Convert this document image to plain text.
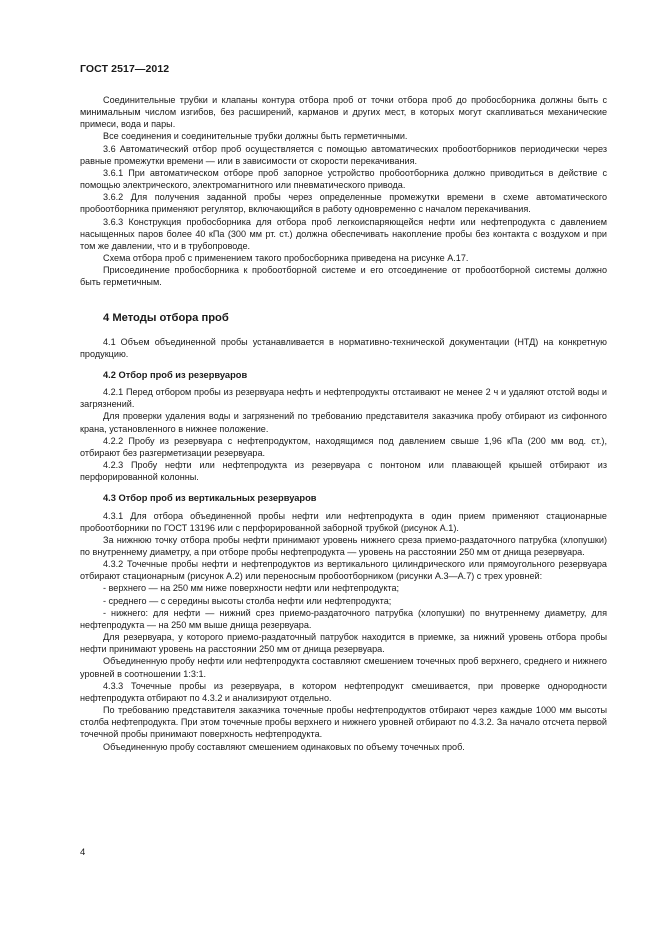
ГОСТ 2517—2012

Соединительные трубки и клапаны контура отбора проб от точки отбора проб до пробосборника должны быть с минимальным числом изгибов, без расширений, карманов и других мест, в которых могут скапливаться механические примеси, вода и пары.

Все соединения и соединительные трубки должны быть герметичными.

3.6 Автоматический отбор проб осуществляется с помощью автоматических пробоотборников периодически через равные промежутки времени — или в зависимости от скорости перекачивания.

3.6.1 При автоматическом отборе проб запорное устройство пробоотборника должно приводиться в действие с помощью электрического, электромагнитного или пневматического привода.

3.6.2 Для получения заданной пробы через определенные промежутки времени в схеме автоматического пробоотборника применяют регулятор, включающийся в работу одновременно с началом перекачивания.

3.6.3 Конструкция пробосборника для отбора проб легкоиспаряющейся нефти или нефтепродукта с давлением насыщенных паров более 40 кПа (300 мм рт. ст.) должна обеспечивать накопление пробы без контакта с воздухом и при том же давлении, что и в трубопроводе.

Схема отбора проб с применением такого пробосборника приведена на рисунке А.17.

Присоединение пробосборника к пробоотборной системе и его отсоединение от пробоотборной системы должно быть герметичным.

4 Методы отбора проб

4.1 Объем объединенной пробы устанавливается в нормативно-технической документации (НТД) на конкретную продукцию.

4.2 Отбор проб из резервуаров

4.2.1 Перед отбором пробы из резервуара нефть и нефтепродукты отстаивают не менее 2 ч и удаляют отстой воды и загрязнений.

Для проверки удаления воды и загрязнений по требованию представителя заказчика пробу отбирают из сифонного крана, установленного в нижнее положение.

4.2.2 Пробу из резервуара с нефтепродуктом, находящимся под давлением свыше 1,96 кПа (200 мм вод. ст.), отбирают без разгерметизации резервуара.

4.2.3 Пробу нефти или нефтепродукта из резервуара с понтоном или плавающей крышей отбирают из перфорированной колонны.

4.3 Отбор проб из вертикальных резервуаров

4.3.1 Для отбора объединенной пробы нефти или нефтепродукта в один прием применяют стационарные пробоотборники по ГОСТ 13196 или с перфорированной заборной трубкой (рисунок А.1).

За нижнюю точку отбора пробы нефти принимают уровень нижнего среза приемо-раздаточного патрубка (хлопушки) по внутреннему диаметру, а при отборе пробы нефтепродукта — уровень на расстоянии 250 мм от днища резервуара.

4.3.2 Точечные пробы нефти и нефтепродуктов из вертикального цилиндрического или прямоугольного резервуара отбирают стационарным (рисунок А.2) или переносным пробоотборником (рисунки А.3—А.7) с трех уровней:

- верхнего — на 250 мм ниже поверхности нефти или нефтепродукта;
- среднего — с середины высоты столба нефти или нефтепродукта;
- нижнего: для нефти — нижний срез приемо-раздаточного патрубка (хлопушки) по внутреннему диаметру, для нефтепродукта — на 250 мм выше днища резервуара.

Для резервуара, у которого приемо-раздаточный патрубок находится в приемке, за нижний уровень отбора пробы нефти принимают уровень на расстоянии 250 мм от днища резервуара.

Объединенную пробу нефти или нефтепродукта составляют смешением точечных проб верхнего, среднего и нижнего уровней в соотношении 1:3:1.

4.3.3 Точечные пробы из резервуара, в котором нефтепродукт смешивается, при проверке однородности нефтепродукта отбирают по 4.3.2 и анализируют отдельно.

По требованию представителя заказчика точечные пробы нефтепродуктов отбирают через каждые 1000 мм высоты столба нефтепродукта. При этом точечные пробы верхнего и нижнего уровней отбирают по 4.3.2. За начало отсчета первой точечной пробы принимают поверхность нефтепродукта.

Объединенную пробу составляют смешением одинаковых по объему точечных проб.

4
